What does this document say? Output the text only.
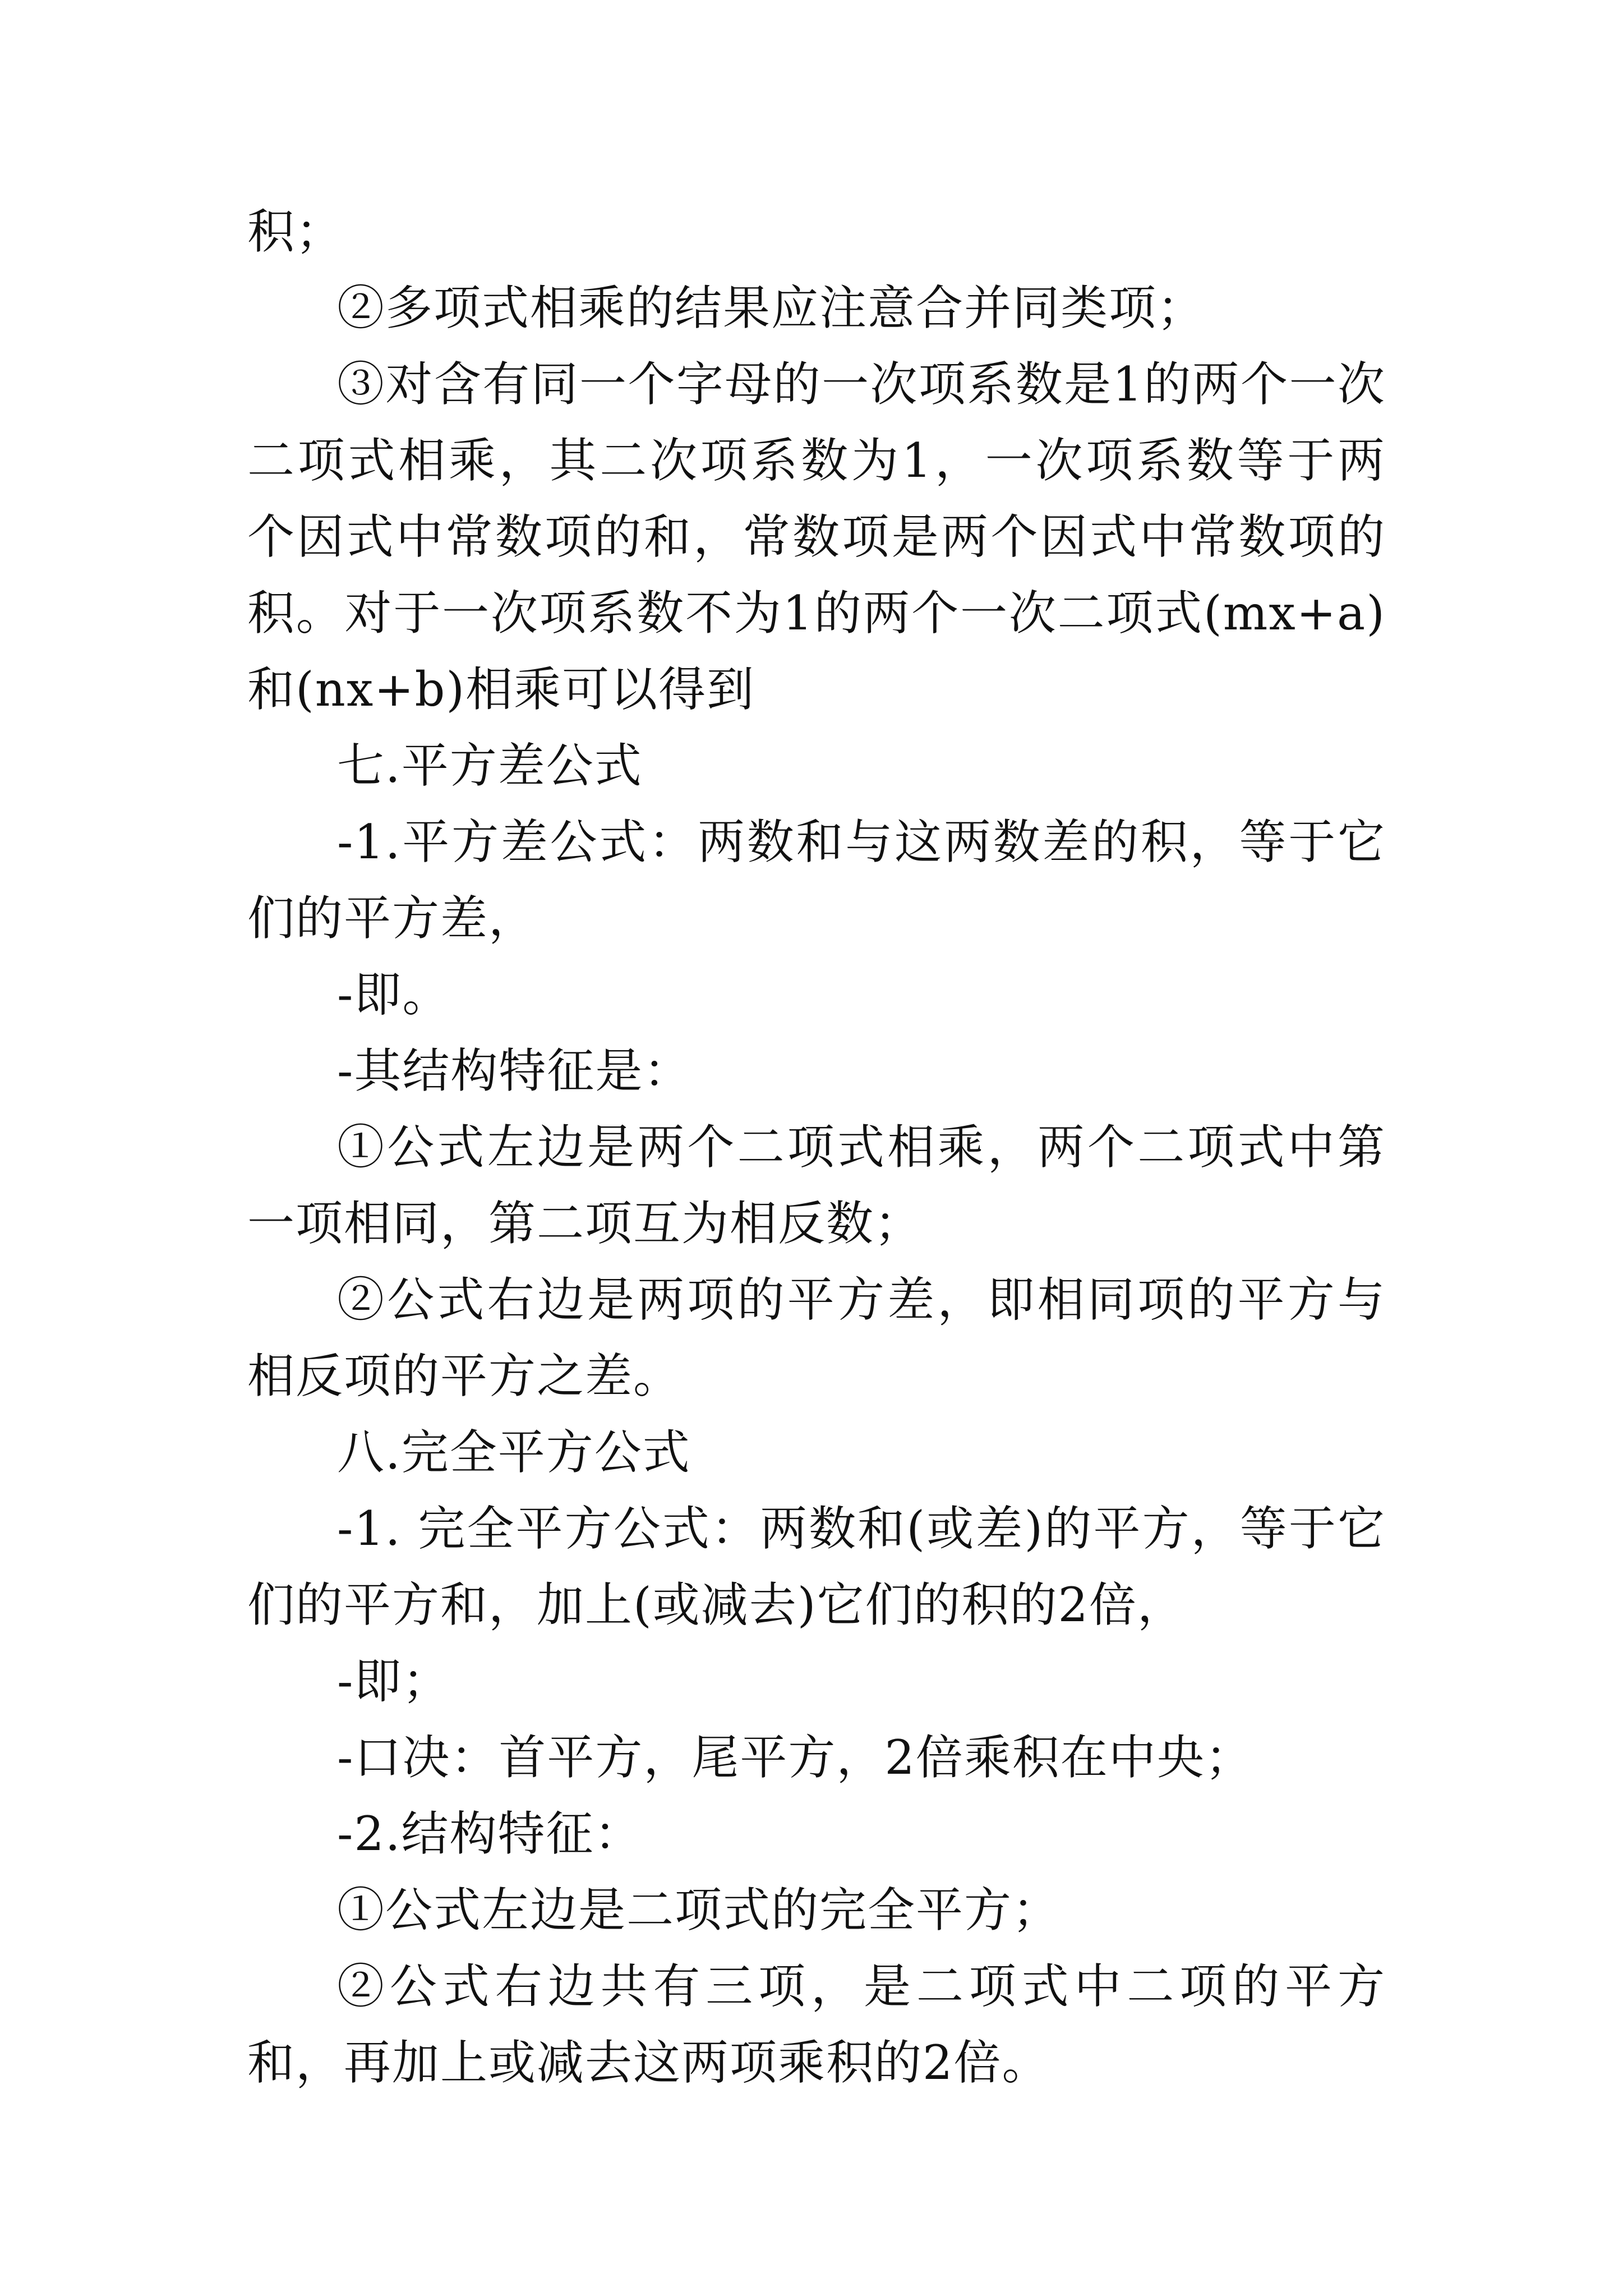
积；

②多项式相乘的结果应注意合并同类项；

③对含有同一个字母的一次项系数是1的两个一次二项式相乘，其二次项系数为1，一次项系数等于两个因式中常数项的和，常数项是两个因式中常数项的积。对于一次项系数不为1的两个一次二项式(mx+a)和(nx+b)相乘可以得到

七.平方差公式

-1.平方差公式：两数和与这两数差的积，等于它们的平方差，

-即。

-其结构特征是：

①公式左边是两个二项式相乘，两个二项式中第一项相同，第二项互为相反数；

②公式右边是两项的平方差，即相同项的平方与相反项的平方之差。

八.完全平方公式

-1. 完全平方公式：两数和(或差)的平方，等于它们的平方和，加上(或减去)它们的积的2倍，

-即；

-口决：首平方，尾平方，2倍乘积在中央；

-2.结构特征：

①公式左边是二项式的完全平方；

②公式右边共有三项，是二项式中二项的平方和，再加上或减去这两项乘积的2倍。
